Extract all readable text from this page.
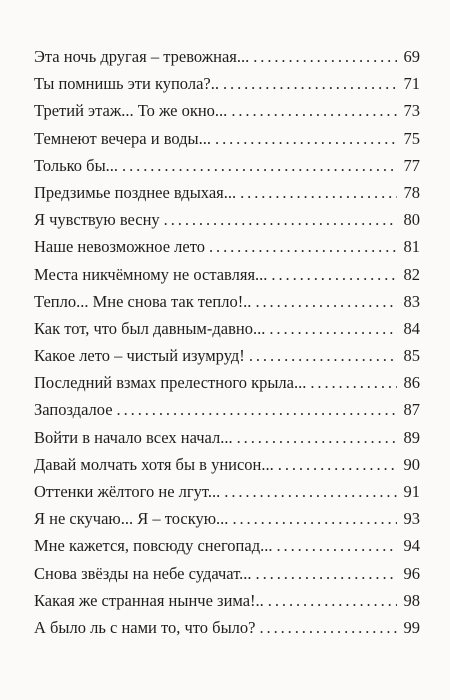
Эта ночь другая – тревожная... . . .	69
Ты помнишь эти купола?.. . . .	71
Третий этаж... То же окно... . . .	73
Темнеют вечера и воды... . . .	75
Только бы... . . .	77
Предзимье позднее вдыхая... . . .	78
Я чувствую весну . . .	80
Наше невозможное лето . . .	81
Места никчёмному не оставляя... . . .	82
Тепло... Мне снова так тепло!.. . . .	83
Как тот, что был давным-давно... . . .	84
Какое лето – чистый изумруд! . . .	85
Последний взмах прелестного крыла... . . .	86
Запоздалое . . .	87
Войти в начало всех начал... . . .	89
Давай молчать хотя бы в унисон... . . .	90
Оттенки жёлтого не лгут... . . .	91
Я не скучаю... Я – тоскую... . . .	93
Мне кажется, повсюду снегопад... . . .	94
Снова звёзды на небе судачат... . . .	96
Какая же странная нынче зима!.. . . .	98
А было ль с нами то, что было? . . .	99
